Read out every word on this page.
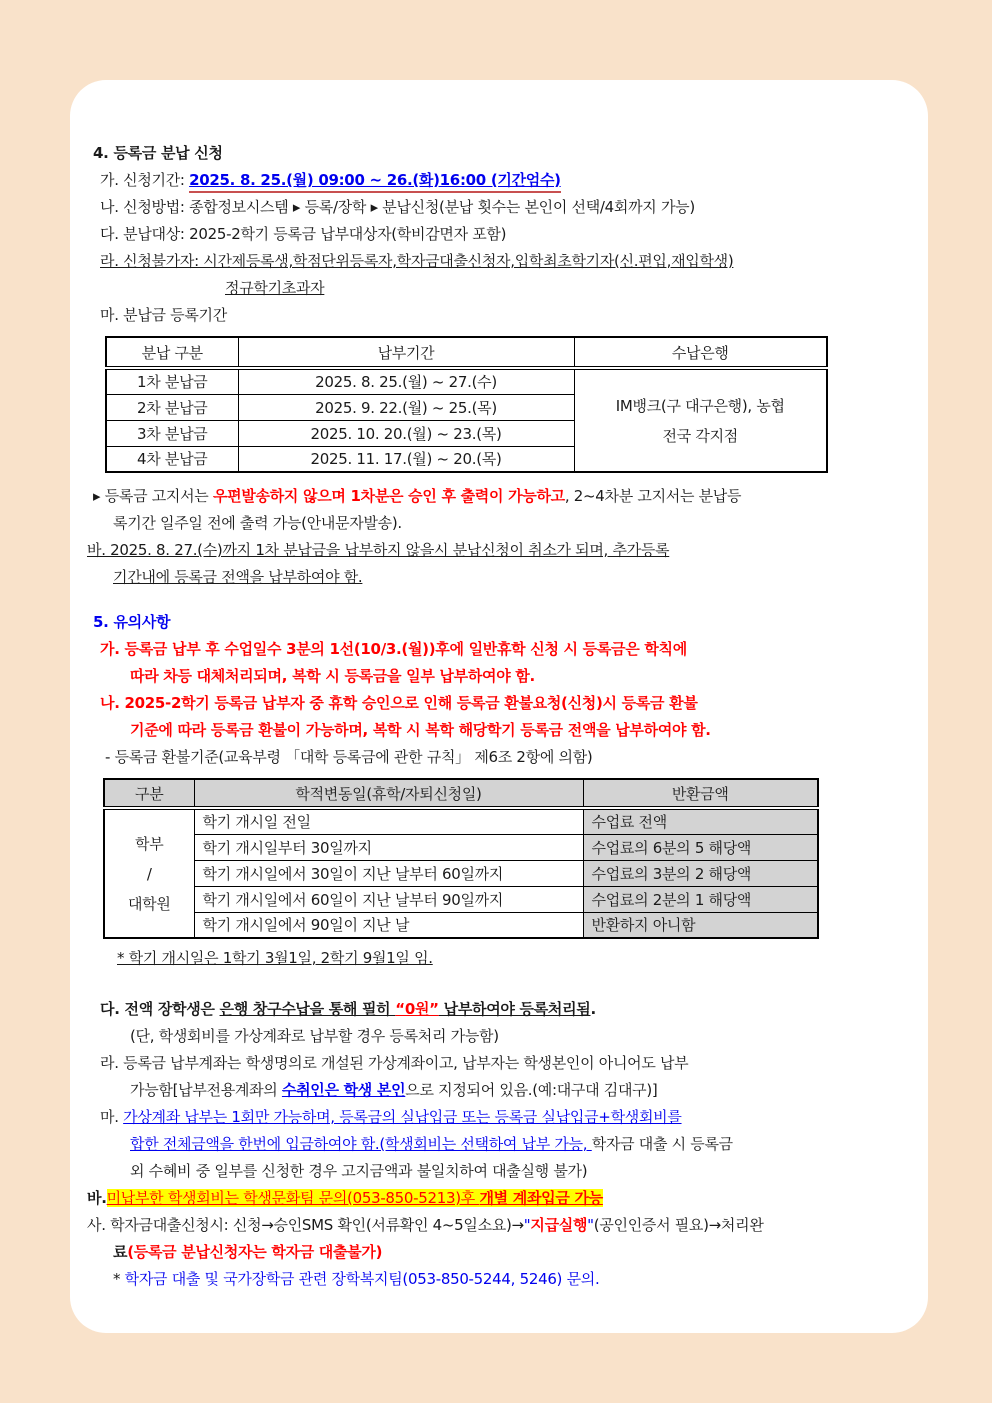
4. 등록금 분납 신청
가. 신청기간: 2025. 8. 25.(월) 09:00 ~ 26.(화)16:00 (기간엄수)
나. 신청방법: 종합정보시스템 ▸ 등록/장학 ▸ 분납신청(분납 횟수는 본인이 선택/4회까지 가능)
다. 분납대상: 2025-2학기 등록금 납부대상자(학비감면자 포함)
라. 신청불가자: 시간제등록생,학점단위등록자,학자금대출신청자,입학최초학기자(신.편입,재입학생)
정규학기초과자
마. 분납금 등록기간
분납 구분	납부기간	수납은행
1차 분납금	2025. 8. 25.(월) ~ 27.(수)	IM뱅크(구 대구은행), 농협
전국 각지점

2차 분납금	2025. 9. 22.(월) ~ 25.(목)	
3차 분납금	2025. 10. 20.(월) ~ 23.(목)	
4차 분납금	2025. 11. 17.(월) ~ 20.(목)	
▸ 등록금 고지서는 우편발송하지 않으며 1차분은 승인 후 출력이 가능하고, 2~4차분 고지서는 분납등
록기간 일주일 전에 출력 가능(안내문자발송).
바. 2025. 8. 27.(수)까지 1차 분납금을 납부하지 않을시 분납신청이 취소가 되며, 추가등록
기간내에 등록금 전액을 납부하여야 함.
5. 유의사항
가. 등록금 납부 후 수업일수 3분의 1선(10/3.(월))후에 일반휴학 신청 시 등록금은 학칙에
따라 차등 대체처리되며, 복학 시 등록금을 일부 납부하여야 함.
나. 2025-2학기 등록금 납부자 중 휴학 승인으로 인해 등록금 환불요청(신청)시 등록금 환불
기준에 따라 등록금 환불이 가능하며, 복학 시 복학 해당학기 등록금 전액을 납부하여야 함.
- 등록금 환불기준(교육부령 「대학 등록금에 관한 규칙」 제6조 2항에 의함)
구분	학적변동일(휴학/자퇴신청일)	반환금액

학부
/
대학원	학기 개시일 전일	수업료 전액
	학기 개시일부터 30일까지	수업료의 6분의 5 해당액
	학기 개시일에서 30일이 지난 날부터 60일까지	수업료의 3분의 2 해당액
	학기 개시일에서 60일이 지난 날부터 90일까지	수업료의 2분의 1 해당액
	학기 개시일에서 90일이 지난 날	반환하지 아니함
* 학기 개시일은 1학기 3월1일, 2학기 9월1일 임.
다. 전액 장학생은 은행 창구수납을 통해 필히 “0원” 납부하여야 등록처리됨.
(단, 학생회비를 가상계좌로 납부할 경우 등록처리 가능함)
라. 등록금 납부계좌는 학생명의로 개설된 가상계좌이고, 납부자는 학생본인이 아니어도 납부
가능함[납부전용계좌의 수취인은 학생 본인으로 지정되어 있음.(예:대구대 김대구)]
마. 가상계좌 납부는 1회만 가능하며, 등록금의 실납입금 또는 등록금 실납입금+학생회비를
합한 전체금액을 한번에 입금하여야 함.(학생회비는 선택하여 납부 가능, 학자금 대출 시 등록금
외 수혜비 중 일부를 신청한 경우 고지금액과 불일치하여 대출실행 불가)
바.미납부한 학생회비는 학생문화팀 문의(053-850-5213)후 개별 계좌입금 가능
사. 학자금대출신청시: 신청→승인SMS 확인(서류확인 4~5일소요)→"지급실행"(공인인증서 필요)→처리완
료(등록금 분납신청자는 학자금 대출불가)
* 학자금 대출 및 국가장학금 관련 장학복지팀(053-850-5244, 5246) 문의.
